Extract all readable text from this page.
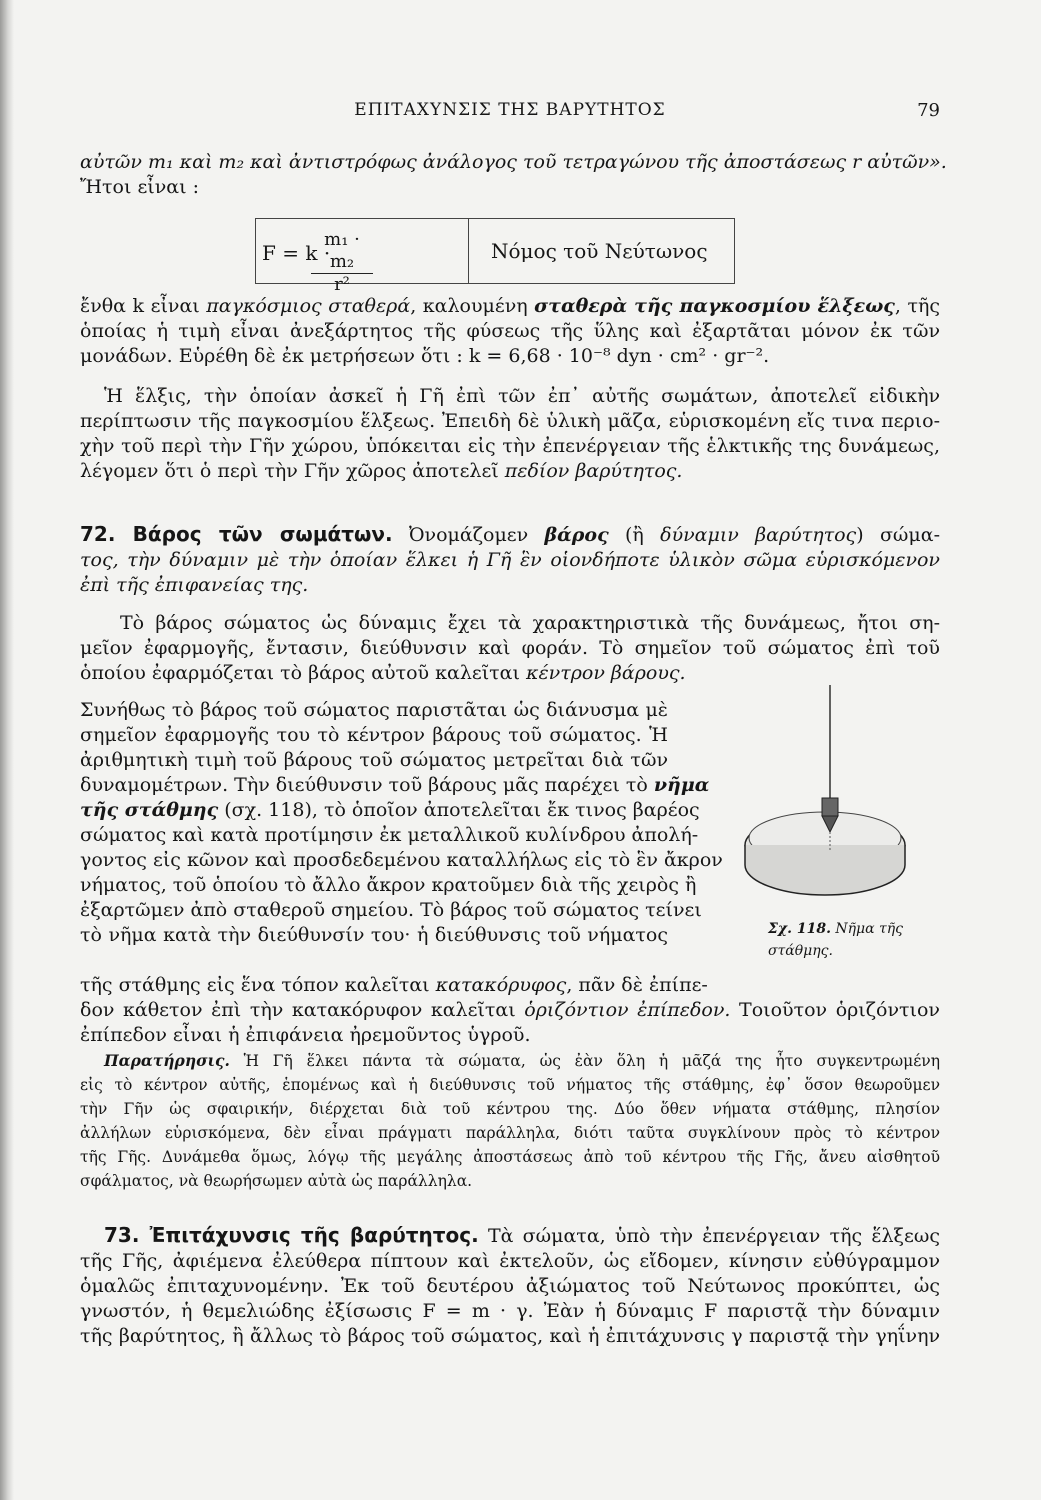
ΕΠΙΤΑΧΥΝΣΙΣ ΤΗΣ ΒΑΡΥΤΗΤΟΣ	79

αὐτῶν m₁ καὶ m₂ καὶ ἀντιστρόφως ἀνάλογος τοῦ τετραγώνου τῆς ἀποστάσεως r αὐτῶν».

Ἤτοι εἶναι :

F = k ·
$\frac{\text{m₁ · m₂}}{\text{r²}}$	Νόμος τοῦ Νεύτωνος

ἔνθα k εἶναι παγκόσμιος σταθερά, καλουμένη σταθερὰ τῆς παγκοσμίου ἕλξεως, τῆς

ὁποίας ἡ τιμὴ εἶναι ἀνεξάρτητος τῆς φύσεως τῆς ὕλης καὶ ἐξαρτᾶται μόνον ἐκ τῶν

μονάδων. Εὑρέθη δὲ ἐκ μετρήσεων ὅτι : k = 6,68 · 10⁻⁸ dyn · cm² · gr⁻².

Ἡ ἕλξις, τὴν ὁποίαν ἀσκεῖ ἡ Γῆ ἐπὶ τῶν ἐπ᾽ αὐτῆς σωμάτων, ἀποτελεῖ εἰδικὴν

περίπτωσιν τῆς παγκοσμίου ἕλξεως. Ἐπειδὴ δὲ ὑλικὴ μᾶζα, εὑρισκομένη εἴς τινα περιο-

χὴν τοῦ περὶ τὴν Γῆν χώρου, ὑπόκειται εἰς τὴν ἐπενέργειαν τῆς ἑλκτικῆς της δυνάμεως,

λέγομεν ὅτι ὁ περὶ τὴν Γῆν χῶρος ἀποτελεῖ πεδίον βαρύτητος.

72. Βάρος τῶν σωμάτων. Ὀνομάζομεν βάρος (ἢ δύναμιν βαρύτητος) σώμα-

τος, τὴν δύναμιν μὲ τὴν ὁποίαν ἕλκει ἡ Γῆ ἓν οἱονδήποτε ὑλικὸν σῶμα εὑρισκόμενον

ἐπὶ τῆς ἐπιφανείας της.

Τὸ βάρος σώματος ὡς δύναμις ἔχει τὰ χαρακτηριστικὰ τῆς δυνάμεως, ἤτοι ση-

μεῖον ἐφαρμογῆς, ἔντασιν, διεύθυνσιν καὶ φοράν. Τὸ σημεῖον τοῦ σώματος ἐπὶ τοῦ

ὁποίου ἐφαρμόζεται τὸ βάρος αὐτοῦ καλεῖται κέντρον βάρους.

Συνήθως τὸ βάρος τοῦ σώματος παριστᾶται ὡς διάνυσμα μὲ

σημεῖον ἐφαρμογῆς του τὸ κέντρον βάρους τοῦ σώματος. Ἡ

ἀριθμητικὴ τιμὴ τοῦ βάρους τοῦ σώματος μετρεῖται διὰ τῶν

δυναμομέτρων. Τὴν διεύθυνσιν τοῦ βάρους μᾶς παρέχει τὸ νῆμα

τῆς στάθμης (σχ. 118), τὸ ὁποῖον ἀποτελεῖται ἔκ τινος βαρέος

σώματος καὶ κατὰ προτίμησιν ἐκ μεταλλικοῦ κυλίνδρου ἀπολή-

γοντος εἰς κῶνον καὶ προσδεδεμένου καταλλήλως εἰς τὸ ἓν ἄκρον

νήματος, τοῦ ὁποίου τὸ ἄλλο ἄκρον κρατοῦμεν διὰ τῆς χειρὸς ἢ

ἐξαρτῶμεν ἀπὸ σταθεροῦ σημείου. Τὸ βάρος τοῦ σώματος τείνει

τὸ νῆμα κατὰ τὴν διεύθυνσίν του· ἡ διεύθυνσις τοῦ νήματος

τῆς στάθμης εἰς ἕνα τόπον καλεῖται κατακόρυφος, πᾶν δὲ ἐπίπε-

δον κάθετον ἐπὶ τὴν κατακόρυφον καλεῖται ὁριζόντιον ἐπίπεδον. Τοιοῦτον ὁριζόντιον

ἐπίπεδον εἶναι ἡ ἐπιφάνεια ἠρεμοῦντος ὑγροῦ.

Σχ. 118. Νῆμα τῆς στάθμης.

Παρατήρησις. Ἡ Γῆ ἕλκει πάντα τὰ σώματα, ὡς ἐὰν ὅλη ἡ μᾶζά της ἦτο συγκεντρωμένη

εἰς τὸ κέντρον αὐτῆς, ἑπομένως καὶ ἡ διεύθυνσις τοῦ νήματος τῆς στάθμης, ἐφ᾽ ὅσον θεωροῦμεν

τὴν Γῆν ὡς σφαιρικήν, διέρχεται διὰ τοῦ κέντρου της. Δύο ὅθεν νήματα στάθμης, πλησίον

ἀλλήλων εὑρισκόμενα, δὲν εἶναι πράγματι παράλληλα, διότι ταῦτα συγκλίνουν πρὸς τὸ κέντρον

τῆς Γῆς. Δυνάμεθα ὅμως, λόγῳ τῆς μεγάλης ἀποστάσεως ἀπὸ τοῦ κέντρου τῆς Γῆς, ἄνευ αἰσθητοῦ

σφάλματος, νὰ θεωρήσωμεν αὐτὰ ὡς παράλληλα.

73. Ἐπιτάχυνσις τῆς βαρύτητος. Τὰ σώματα, ὑπὸ τὴν ἐπενέργειαν τῆς ἕλξεως

τῆς Γῆς, ἀφιέμενα ἐλεύθερα πίπτουν καὶ ἐκτελοῦν, ὡς εἴδομεν, κίνησιν εὐθύγραμμον

ὁμαλῶς ἐπιταχυνομένην. Ἐκ τοῦ δευτέρου ἀξιώματος τοῦ Νεύτωνος προκύπτει, ὡς

γνωστόν, ἡ θεμελιώδης ἐξίσωσις F = m · γ. Ἐὰν ἡ δύναμις F παριστᾷ τὴν δύναμιν

τῆς βαρύτητος, ἢ ἄλλως τὸ βάρος τοῦ σώματος, καὶ ἡ ἐπιτάχυνσις γ παριστᾷ τὴν γηΐνην
